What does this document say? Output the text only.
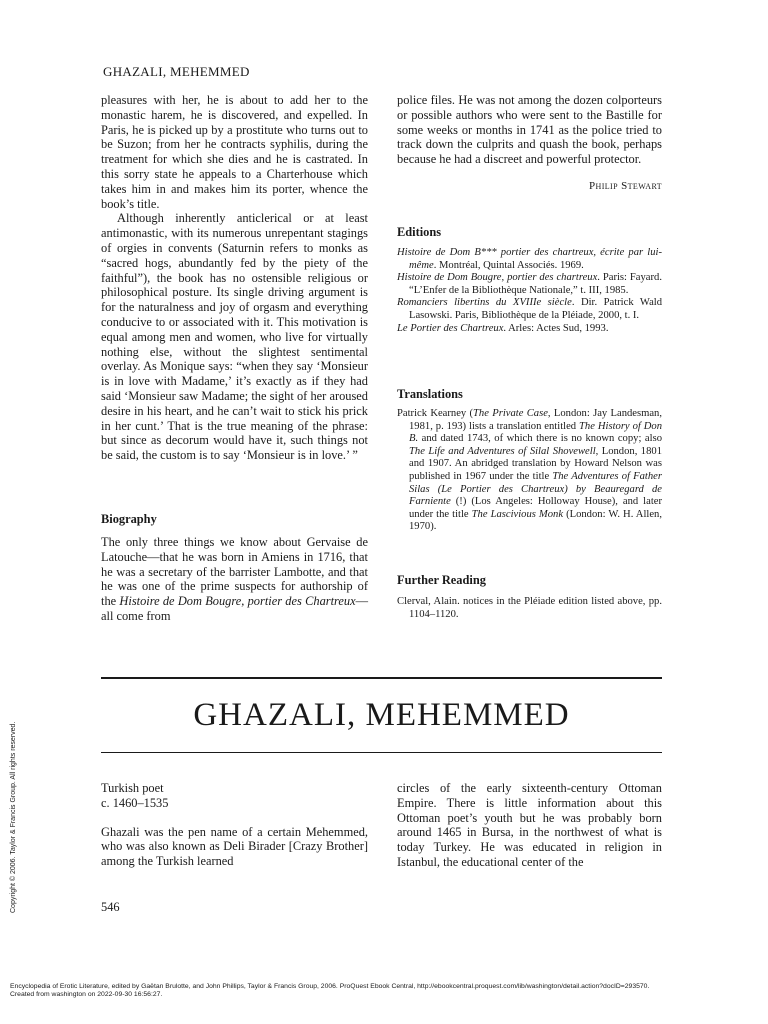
GHAZALI, MEHEMMED

pleasures with her, he is about to add her to the monastic harem, he is discovered, and expelled. In Paris, he is picked up by a prostitute who turns out to be Suzon; from her he contracts syphilis, during the treatment for which she dies and he is castrated. In this sorry state he appeals to a Charterhouse which takes him in and makes him its porter, whence the book’s title.

Although inherently anticlerical or at least antimonastic, with its numerous unrepentant stagings of orgies in convents (Saturnin refers to monks as “sacred hogs, abundantly fed by the piety of the faithful”), the book has no ostensible religious or philosophical posture. Its single driving argument is for the naturalness and joy of orgasm and everything conducive to or associated with it. This motivation is equal among men and women, who live for virtually nothing else, without the slightest sentimental overlay. As Monique says: “when they say ‘Monsieur is in love with Madame,’ it’s exactly as if they had said ‘Monsieur saw Madame; the sight of her aroused desire in his heart, and he can’t wait to stick his prick in her cunt.’ That is the true meaning of the phrase: but since as decorum would have it, such things not be said, the custom is to say ‘Monsieur is in love.’ ”

Biography

The only three things we know about Gervaise de Latouche—that he was born in Amiens in 1716, that he was a secretary of the barrister Lambotte, and that he was one of the prime suspects for authorship of the Histoire de Dom Bougre, portier des Chartreux—all come from

police files. He was not among the dozen colporteurs or possible authors who were sent to the Bastille for some weeks or months in 1741 as the police tried to track down the culprits and quash the book, perhaps because he had a discreet and powerful protector.

Philip Stewart
Editions

Histoire de Dom B*** portier des chartreux, écrite par lui-même. Montréal, Quintal Associés. 1969.

Histoire de Dom Bougre, portier des chartreux. Paris: Fayard. “L’Enfer de la Bibliothèque Nationale,” t. III, 1985.

Romanciers libertins du XVIIIe siècle. Dir. Patrick Wald Lasowski. Paris, Bibliothèque de la Pléiade, 2000, t. I.

Le Portier des Chartreux. Arles: Actes Sud, 1993.

Translations

Patrick Kearney (The Private Case, London: Jay Landesman, 1981, p. 193) lists a translation entitled The History of Don B. and dated 1743, of which there is no known copy; also The Life and Adventures of Silal Shovewell, London, 1801 and 1907. An abridged translation by Howard Nelson was published in 1967 under the title The Adventures of Father Silas (Le Portier des Chartreux) by Beauregard de Farniente (!) (Los Angeles: Holloway House), and later under the title The Lascivious Monk (London: W. H. Allen, 1970).

Further Reading

Clerval, Alain. notices in the Pléiade edition listed above, pp. 1104–1120.

GHAZALI, MEHEMMED
Turkish poet
c. 1460–1535

Ghazali was the pen name of a certain Mehemmed, who was also known as Deli Birader [Crazy Brother] among the Turkish learned

circles of the early sixteenth-century Ottoman Empire. There is little information about this Ottoman poet’s youth but he was probably born around 1465 in Bursa, in the northwest of what is today Turkey. He was educated in religion in Istanbul, the educational center of the

546
Copyright © 2006. Taylor & Francis Group. All rights reserved.

Encyclopedia of Erotic Literature, edited by Gaëtan Brulotte, and John Phillips, Taylor & Francis Group, 2006. ProQuest Ebook Central, http://ebookcentral.proquest.com/lib/washington/detail.action?docID=293570.

Created from washington on 2022-09-30 16:56:27.
